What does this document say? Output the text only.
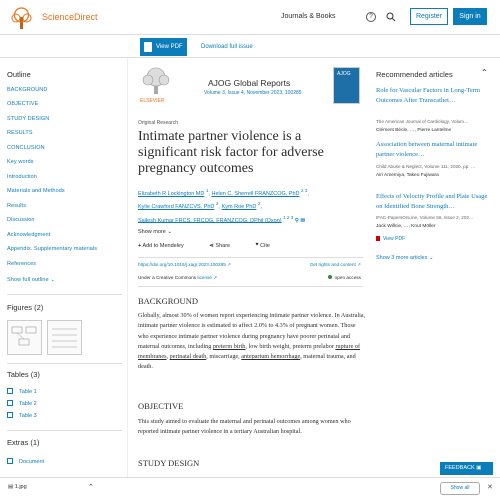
ScienceDirect	Journals & Books	?	Register	Sign in
View PDF	Download full issue
Outline
BACKGROUND
OBJECTIVE
STUDY DESIGN
RESULTS
CONCLUSION
Key words
Introduction
Materials and Methods
Results
Discussion
Acknowledgment
Appendix. Supplementary materials
References
Show full outline ⌄
Figures (2)
Tables (3)
Table 1
Table 2
Table 3
Extras (1)
Document
ELSEVIER
AJOG Global Reports
Volume 3, Issue 4, November 2023, 100285
AJOG
Original Research
Intimate partner violence is a significant risk factor for adverse pregnancy outcomes
Elizabeth R Lockington MD $^1$, Helen C. Sherrell FRANZCOG, PhD $^{2 3}$,
Kylie Crawford FANZCVS, PhD $^2$, Kym Roe PhD $^2$,
Sailesh Kumar FRCS, FRCOG, FRANZCOG, DPhil (Oxon) $^{1 2 3}$ ⚲ ✉
Show more ⌄
+ Add to Mendeley	⋖ Share	❞ Cite
https://doi.org/10.1016/j.xagr.2023.100285 ↗	Get rights and content ↗
Under a Creative Commons license ↗	open access
BACKGROUND
Globally, almost 30% of women report experiencing intimate partner violence. In Australia, intimate partner violence is estimated to affect 2.0% to 4.3% of pregnant women. Those who experience intimate partner violence during pregnancy have poorer perinatal and maternal outcomes, including preterm birth, low birth weight, preterm prelabor rupture of membranes, perinatal death, miscarriage, antepartum hemorrhage, maternal trauma, and death.
OBJECTIVE
This study aimed to evaluate the maternal and perinatal outcomes among women who reported intimate partner violence in a tertiary Australian hospital.
STUDY DESIGN
Recommended articles	⌃
Role for Vascular Factors in Long-Term Outcomes After Transcathet…
The American Journal of Cardiology, Volum…
Clément Bécle, …, Pierre Lantelme
Association between maternal intimate partner violence…
Child Abuse & Neglect, Volume 111, 2020, pp. …
Airi Amemiya, Takeo Fujiwara
Effects of Velocity Profile and Plate Usage on Identified Bone Strength…
IFAC-PapersOnLine, Volume 56, Issue 2, 202…
Jack Willcie, …, Knut Möller
View PDF
Show 3 more articles ⌄
FEEDBACK ▣
▤ 1.jpg	⌃	Show all	✕
